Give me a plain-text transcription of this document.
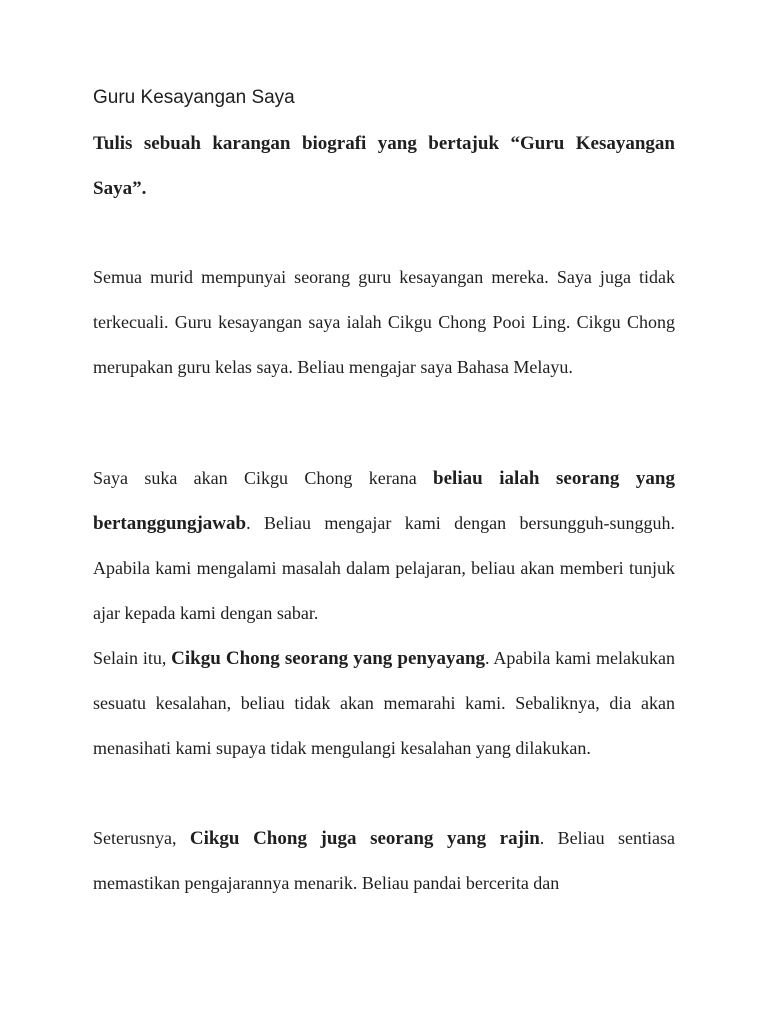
Guru Kesayangan Saya
Tulis sebuah karangan biografi yang bertajuk “Guru Kesayangan Saya”.
Semua murid mempunyai seorang guru kesayangan mereka. Saya juga tidak terkecuali. Guru kesayangan saya ialah Cikgu Chong Pooi Ling. Cikgu Chong merupakan guru kelas saya. Beliau mengajar saya Bahasa Melayu.
Saya suka akan Cikgu Chong kerana beliau ialah seorang yang bertanggungjawab. Beliau mengajar kami dengan bersungguh-sungguh. Apabila kami mengalami masalah dalam pelajaran, beliau akan memberi tunjuk ajar kepada kami dengan sabar.
Selain itu, Cikgu Chong seorang yang penyayang. Apabila kami melakukan sesuatu kesalahan, beliau tidak akan memarahi kami. Sebaliknya, dia akan menasihati kami supaya tidak mengulangi kesalahan yang dilakukan.
Seterusnya, Cikgu Chong juga seorang yang rajin. Beliau sentiasa memastikan pengajarannya menarik. Beliau pandai bercerita dan
